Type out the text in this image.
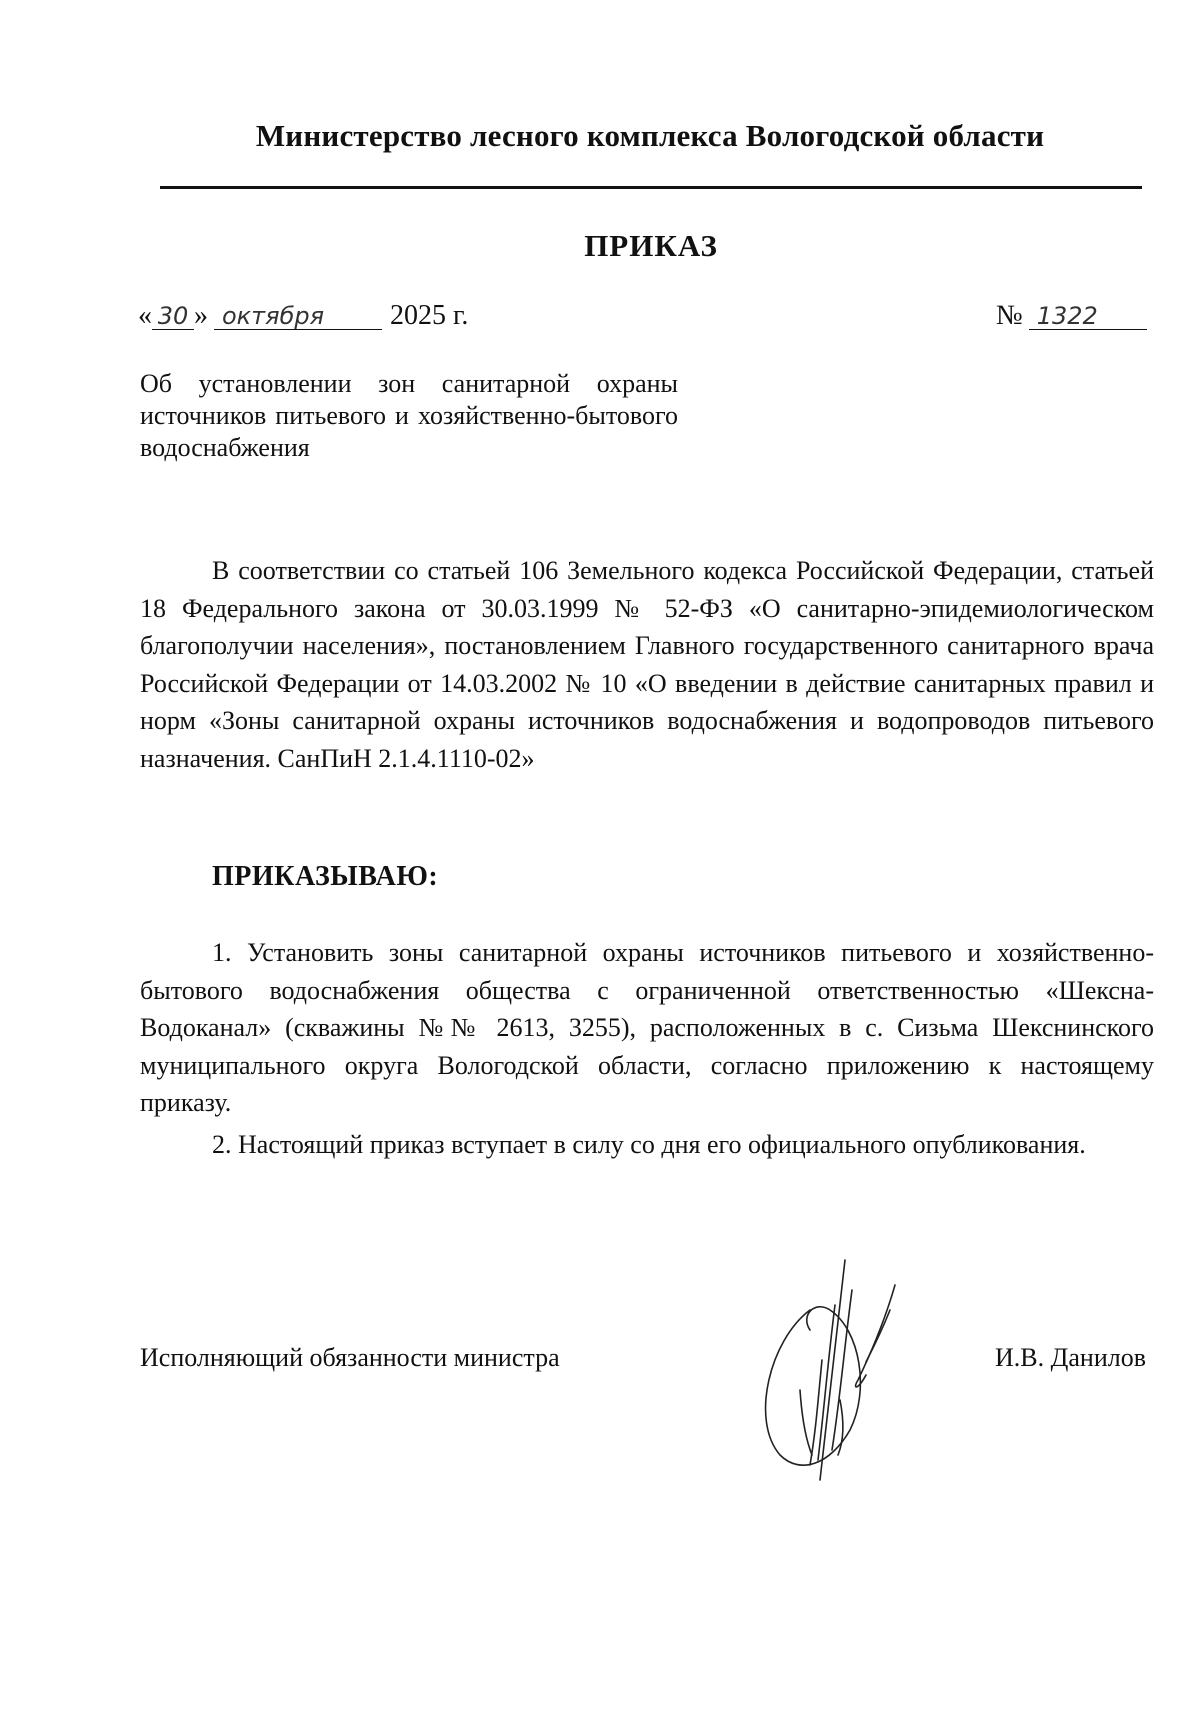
Министерство лесного комплекса Вологодской области
ПРИКАЗ
« 30 » октября 2025 г.	№ 1322
Об установлении зон санитарной охраны источников питьевого и хозяйственно-бытового водоснабжения
В соответствии со статьей 106 Земельного кодекса Российской Федерации, статьей 18 Федерального закона от 30.03.1999 № 52-ФЗ «О санитарно-эпидемиологическом благополучии населения», постановлением Главного государственного санитарного врача Российской Федерации от 14.03.2002 № 10 «О введении в действие санитарных правил и норм «Зоны санитарной охраны источников водоснабжения и водопроводов питьевого назначения. СанПиН 2.1.4.1110-02»
ПРИКАЗЫВАЮ:
1. Установить зоны санитарной охраны источников питьевого и хозяйственно-бытового водоснабжения общества с ограниченной ответственностью «Шексна-Водоканал» (скважины №№ 2613, 3255), расположенных в с. Сизьма Шекснинского муниципального округа Вологодской области, согласно приложению к настоящему приказу.
2. Настоящий приказ вступает в силу со дня его официального опубликования.
Исполняющий обязанности министра	И.В. Данилов
